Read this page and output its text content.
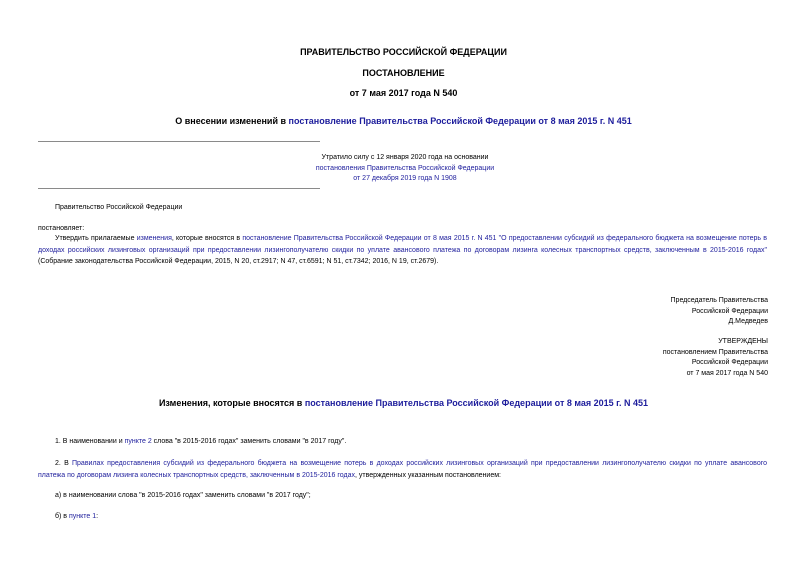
ПРАВИТЕЛЬСТВО РОССИЙСКОЙ ФЕДЕРАЦИИ
ПОСТАНОВЛЕНИЕ
от 7 мая 2017 года N 540
О внесении изменений в постановление Правительства Российской Федерации от 8 мая 2015 г. N 451
Утратило силу с 12 января 2020 года на основании
постановления Правительства Российской Федерации
от 27 декабря 2019 года N 1908
Правительство Российской Федерации
постановляет:
Утвердить прилагаемые изменения, которые вносятся в постановление Правительства Российской Федерации от 8 мая 2015 г. N 451 "О предоставлении субсидий из федерального бюджета на возмещение потерь в доходах российских лизинговых организаций при предоставлении лизингополучателю скидки по уплате авансового платежа по договорам лизинга колесных транспортных средств, заключенным в 2015-2016 годах" (Собрание законодательства Российской Федерации, 2015, N 20, ст.2917; N 47, ст.6591; N 51, ст.7342; 2016, N 19, ст.2679).
Председатель Правительства
Российской Федерации
Д.Медведев
УТВЕРЖДЕНЫ
постановлением Правительства
Российской Федерации
от 7 мая 2017 года N 540
Изменения, которые вносятся в постановление Правительства Российской Федерации от 8 мая 2015 г. N 451
1. В наименовании и пункте 2 слова "в 2015-2016 годах" заменить словами "в 2017 году".
2. В Правилах предоставления субсидий из федерального бюджета на возмещение потерь в доходах российских лизинговых организаций при предоставлении лизингополучателю скидки по уплате авансового платежа по договорам лизинга колесных транспортных средств, заключенным в 2015-2016 годах, утвержденных указанным постановлением:
а) в наименовании слова "в 2015-2016 годах" заменить словами "в 2017 году";
б) в пункте 1:
